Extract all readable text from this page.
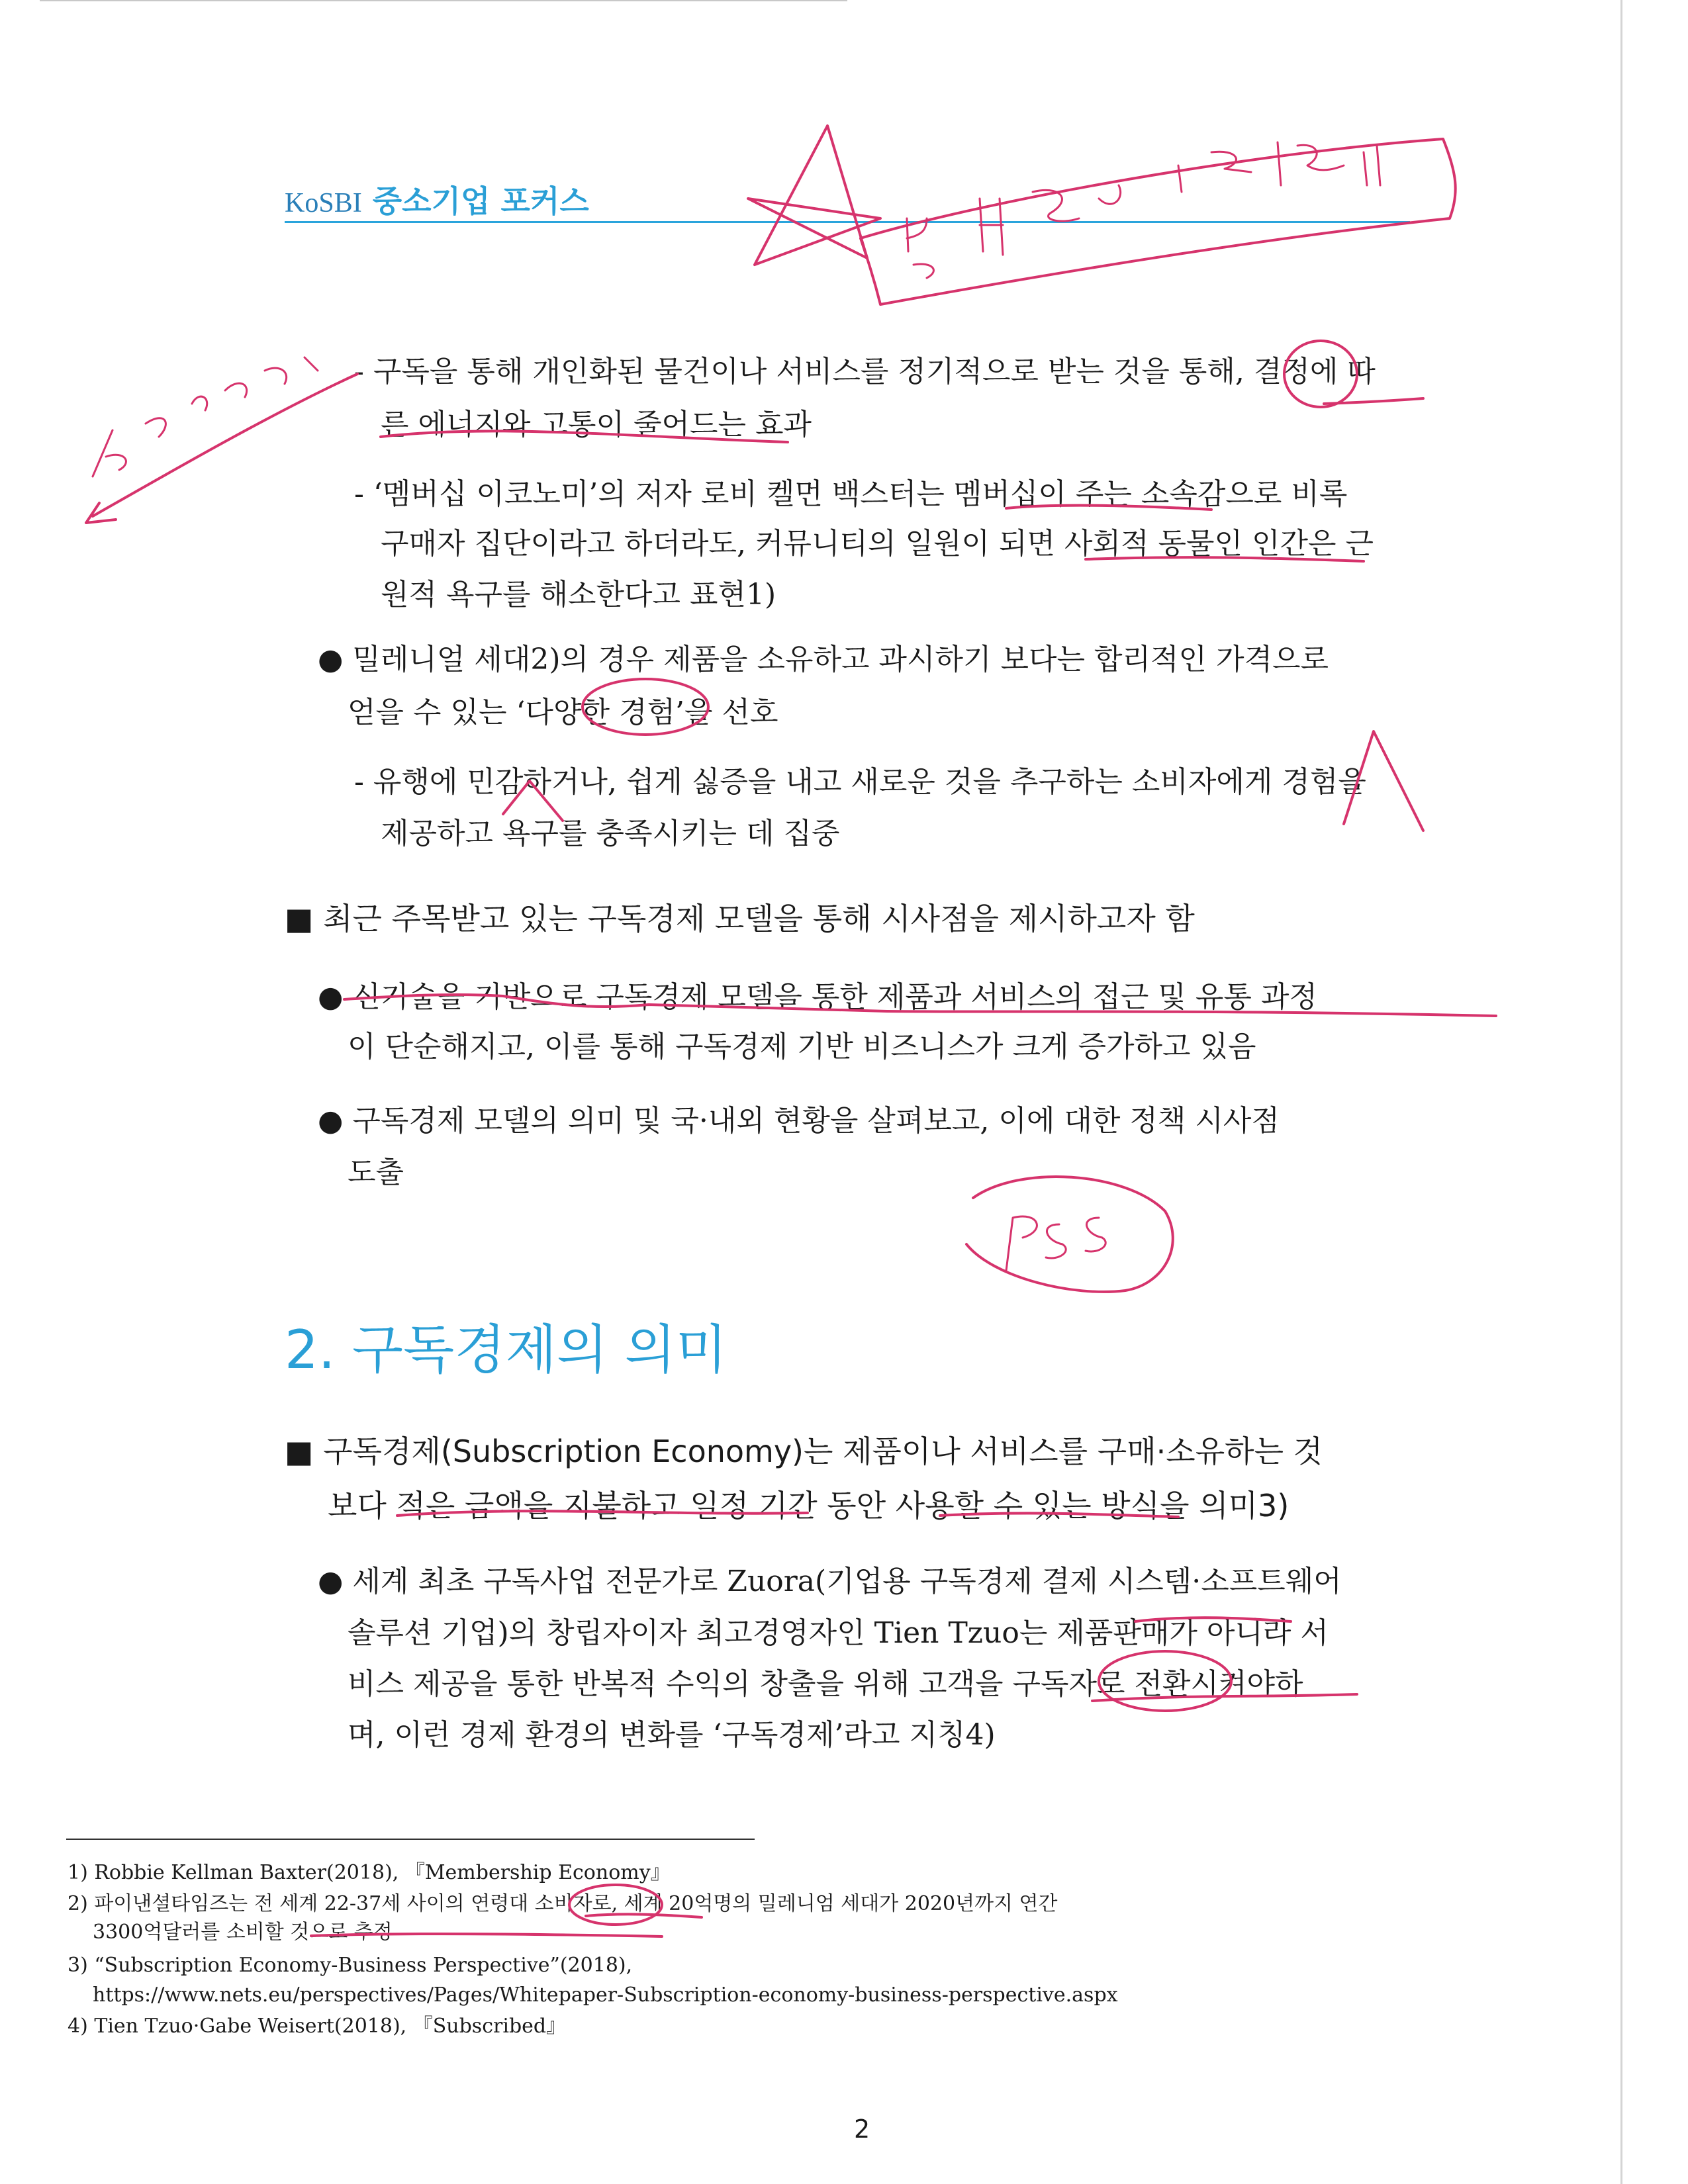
KoSBI 중소기업 포커스
- 구독을 통해 개인화된 물건이나 서비스를 정기적으로 받는 것을 통해, 결정에 따
른 에너지와 고통이 줄어드는 효과
- ‘멤버십 이코노미’의 저자 로비 켈먼 백스터는 멤버십이 주는 소속감으로 비록
구매자 집단이라고 하더라도, 커뮤니티의 일원이 되면 사회적 동물인 인간은 근
원적 욕구를 해소한다고 표현1)
● 밀레니얼 세대2)의 경우 제품을 소유하고 과시하기 보다는 합리적인 가격으로
얻을 수 있는 ‘다양한 경험’을 선호
- 유행에 민감하거나, 쉽게 싫증을 내고 새로운 것을 추구하는 소비자에게 경험을
제공하고 욕구를 충족시키는 데 집중
■ 최근 주목받고 있는 구독경제 모델을 통해 시사점을 제시하고자 함
● 신기술을 기반으로 구독경제 모델을 통한 제품과 서비스의 접근 및 유통 과정
이 단순해지고, 이를 통해 구독경제 기반 비즈니스가 크게 증가하고 있음
● 구독경제 모델의 의미 및 국·내외 현황을 살펴보고, 이에 대한 정책 시사점
도출
2. 구독경제의 의미
■ 구독경제(Subscription Economy)는 제품이나 서비스를 구매·소유하는 것
보다 적은 금액을 지불하고 일정 기간 동안 사용할 수 있는 방식을 의미3)
● 세계 최초 구독사업 전문가로 Zuora(기업용 구독경제 결제 시스템·소프트웨어
솔루션 기업)의 창립자이자 최고경영자인 Tien Tzuo는 제품판매가 아니라 서
비스 제공을 통한 반복적 수익의 창출을 위해 고객을 구독자로 전환시켜야하
며, 이런 경제 환경의 변화를 ‘구독경제’라고 지칭4)
1) Robbie Kellman Baxter(2018), 『Membership Economy』
2) 파이낸셜타임즈는 전 세계 22-37세 사이의 연령대 소비자로, 세계 20억명의 밀레니엄 세대가 2020년까지 연간
3300억달러를 소비할 것으로 추정
3) “Subscription Economy-Business Perspective”(2018),
https://www.nets.eu/perspectives/Pages/Whitepaper-Subscription-economy-business-perspective.aspx
4) Tien Tzuo·Gabe Weisert(2018), 『Subscribed』
2
